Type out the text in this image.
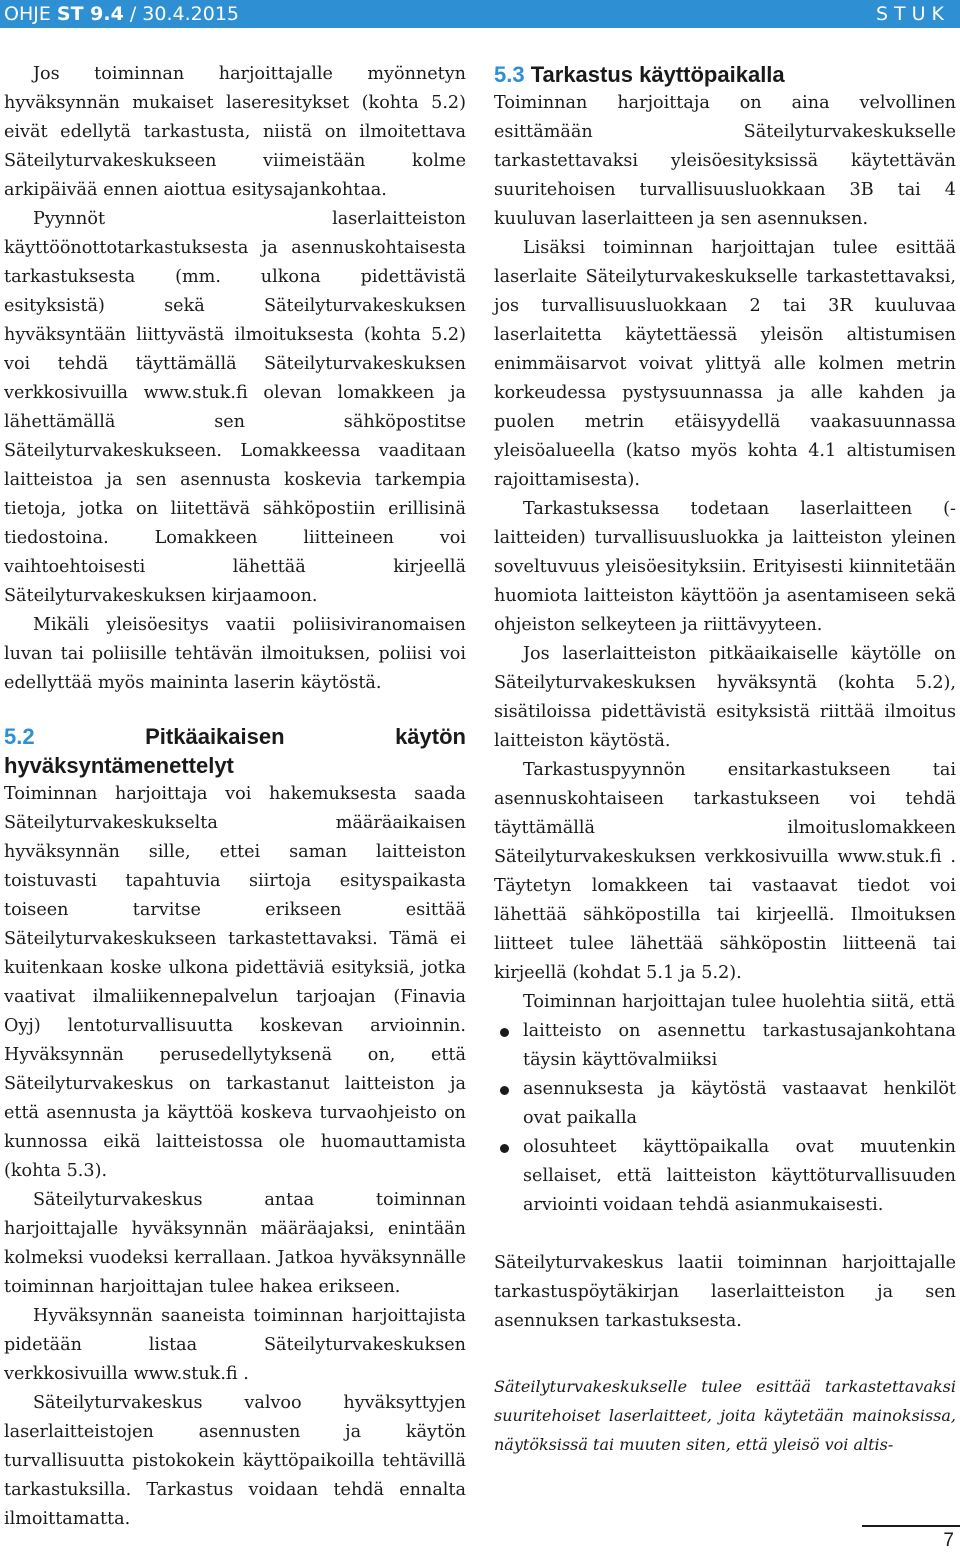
OHJE ST 9.4 / 30.4.2015	STUK

Jos toiminnan harjoittajalle myönnetyn hyväksynnän mukaiset laseresitykset (kohta 5.2) eivät edellytä tarkastusta, niistä on ilmoitettava Säteilyturvakeskukseen viimeistään kolme arkipäivää ennen aiottua esitysajankohtaa.

Pyynnöt laserlaitteiston käyttöönottotarkastuksesta ja asennuskohtaisesta tarkastuksesta (mm. ulkona pidettävistä esityksistä) sekä Säteilyturvakeskuksen hyväksyntään liittyvästä ilmoituksesta (kohta 5.2) voi tehdä täyttämällä Säteilyturvakeskuksen verkkosivuilla www.stuk.fi olevan lomakkeen ja lähettämällä sen sähköpostitse Säteilyturvakeskukseen. Lomakkeessa vaaditaan laitteistoa ja sen asennusta koskevia tarkempia tietoja, jotka on liitettävä sähköpostiin erillisinä tiedostoina. Lomakkeen liitteineen voi vaihtoehtoisesti lähettää kirjeellä Säteilyturvakeskuksen kirjaamoon.

Mikäli yleisöesitys vaatii poliisiviranomaisen luvan tai poliisille tehtävän ilmoituksen, poliisi voi edellyttää myös maininta laserin käytöstä.

5.2	Pitkäaikaisen käytön hyväksyntämenettelyt

Toiminnan harjoittaja voi hakemuksesta saada Säteilyturvakeskukselta määräaikaisen hyväksynnän sille, ettei saman laitteiston toistuvasti tapahtuvia siirtoja esityspaikasta toiseen tarvitse erikseen esittää Säteilyturvakeskukseen tarkastettavaksi. Tämä ei kuitenkaan koske ulkona pidettäviä esityksiä, jotka vaativat ilmaliikennepalvelun tarjoajan (Finavia Oyj) lentoturvallisuutta koskevan arvioinnin. Hyväksynnän perusedellytyksenä on, että Säteilyturvakeskus on tarkastanut laitteiston ja että asennusta ja käyttöä koskeva turvaohjeisto on kunnossa eikä laitteistossa ole huomauttamista (kohta 5.3).

Säteilyturvakeskus antaa toiminnan harjoittajalle hyväksynnän määräajaksi, enintään kolmeksi vuodeksi kerrallaan. Jatkoa hyväksynnälle toiminnan harjoittajan tulee hakea erikseen.

Hyväksynnän saaneista toiminnan harjoittajista pidetään listaa Säteilyturvakeskuksen verkkosivuilla www.stuk.fi .

Säteilyturvakeskus valvoo hyväksyttyjen laserlaitteistojen asennusten ja käytön turvallisuutta pistokokein käyttöpaikoilla tehtävillä tarkastuksilla. Tarkastus voidaan tehdä ennalta ilmoittamatta.

5.3 Tarkastus käyttöpaikalla

Toiminnan harjoittaja on aina velvollinen esittämään Säteilyturvakeskukselle tarkastettavaksi yleisöesityksissä käytettävän suuritehoisen turvallisuusluokkaan 3B tai 4 kuuluvan laserlaitteen ja sen asennuksen.

Lisäksi toiminnan harjoittajan tulee esittää laserlaite Säteilyturvakeskukselle tarkastettavaksi, jos turvallisuusluokkaan 2 tai 3R kuuluvaa laserlaitetta käytettäessä yleisön altistumisen enimmäisarvot voivat ylittyä alle kolmen metrin korkeudessa pystysuunnassa ja alle kahden ja puolen metrin etäisyydellä vaakasuunnassa yleisöalueella (katso myös kohta 4.1 altistumisen rajoittamisesta).

Tarkastuksessa todetaan laserlaitteen (-laitteiden) turvallisuusluokka ja laitteiston yleinen soveltuvuus yleisöesityksiin. Erityisesti kiinnitetään huomiota laitteiston käyttöön ja asentamiseen sekä ohjeiston selkeyteen ja riittävyyteen.

Jos laserlaitteiston pitkäaikaiselle käytölle on Säteilyturvakeskuksen hyväksyntä (kohta 5.2), sisätiloissa pidettävistä esityksistä riittää ilmoitus laitteiston käytöstä.

Tarkastuspyynnön ensitarkastukseen tai asennuskohtaiseen tarkastukseen voi tehdä täyttämällä ilmoituslomakkeen Säteilyturvakeskuksen verkkosivuilla www.stuk.fi . Täytetyn lomakkeen tai vastaavat tiedot voi lähettää sähköpostilla tai kirjeellä. Ilmoituksen liitteet tulee lähettää sähköpostin liitteenä tai kirjeellä (kohdat 5.1 ja 5.2).

Toiminnan harjoittajan tulee huolehtia siitä, että

laitteisto on asennettu tarkastusajankohtana täysin käyttövalmiiksi
asennuksesta ja käytöstä vastaavat henkilöt ovat paikalla
olosuhteet käyttöpaikalla ovat muutenkin sellaiset, että laitteiston käyttöturvallisuuden arviointi voidaan tehdä asianmukaisesti.

Säteilyturvakeskus laatii toiminnan harjoittajalle tarkastuspöytäkirjan laserlaitteiston ja sen asennuksen tarkastuksesta.

Säteilyturvakeskukselle tulee esittää tarkastettavaksi suuritehoiset laserlaitteet, joita käytetään mainoksissa, näytöksissä tai muuten siten, että yleisö voi altis-
7
